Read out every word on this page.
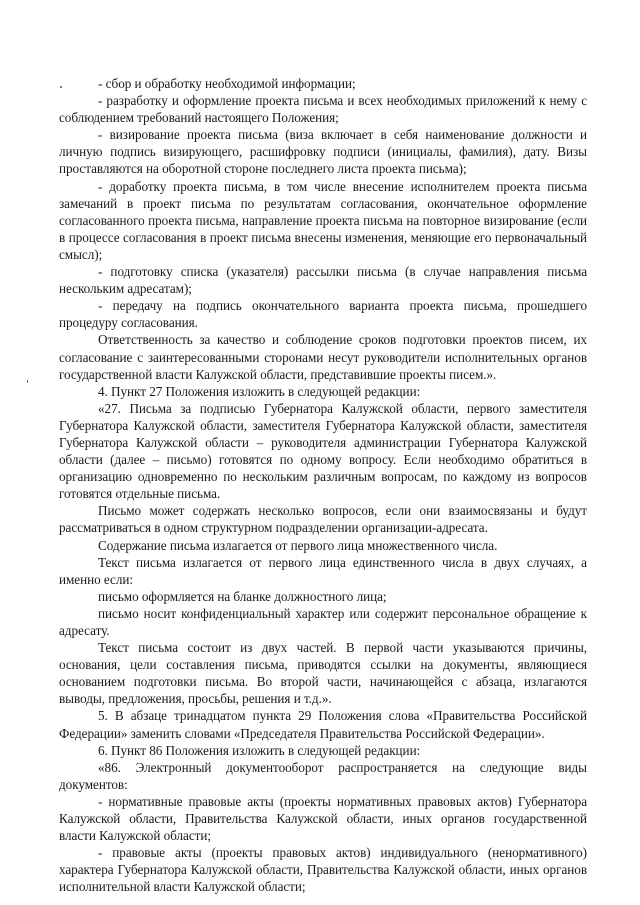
- сбор и обработку необходимой информации;

- разработку и оформление проекта письма и всех необходимых приложений к нему с соблюдением требований настоящего Положения;

- визирование проекта письма (виза включает в себя наименование должности и личную подпись визирующего, расшифровку подписи (инициалы, фамилия), дату. Визы проставляются на оборотной стороне последнего листа проекта письма);

- доработку проекта письма, в том числе внесение исполнителем проекта письма замечаний в проект письма по результатам согласования, окончательное оформление согласованного проекта письма, направление проекта письма на повторное визирование (если в процессе согласования в проект письма внесены изменения, меняющие его первоначальный смысл);

- подготовку списка (указателя) рассылки письма (в случае направления письма нескольким адресатам);

- передачу на подпись окончательного варианта проекта письма, прошедшего процедуру согласования.

Ответственность за качество и соблюдение сроков подготовки проектов писем, их согласование с заинтересованными сторонами несут руководители исполнительных органов государственной власти Калужской области, представившие проекты писем.».

4. Пункт 27 Положения изложить в следующей редакции:

«27. Письма за подписью Губернатора Калужской области, первого заместителя Губернатора Калужской области, заместителя Губернатора Калужской области, заместителя Губернатора Калужской области – руководителя администрации Губернатора Калужской области (далее – письмо) готовятся по одному вопросу. Если необходимо обратиться в организацию одновременно по нескольким различным вопросам, по каждому из вопросов готовятся отдельные письма.

Письмо может содержать несколько вопросов, если они взаимосвязаны и будут рассматриваться в одном структурном подразделении организации-адресата.

Содержание письма излагается от первого лица множественного числа.

Текст письма излагается от первого лица единственного числа в двух случаях, а именно если:

письмо оформляется на бланке должностного лица;

письмо носит конфиденциальный характер или содержит персональное обращение к адресату.

Текст письма состоит из двух частей. В первой части указываются причины, основания, цели составления письма, приводятся ссылки на документы, являющиеся основанием подготовки письма. Во второй части, начинающейся с абзаца, излагаются выводы, предложения, просьбы, решения и т.д.».

5. В абзаце тринадцатом пункта 29 Положения слова «Правительства Российской Федерации» заменить словами «Председателя Правительства Российской Федерации».

6. Пункт 86 Положения изложить в следующей редакции:

«86. Электронный документооборот распространяется на следующие виды документов:

- нормативные правовые акты (проекты нормативных правовых актов) Губернатора Калужской области, Правительства Калужской области, иных органов государственной власти Калужской области;

- правовые акты (проекты правовых актов) индивидуального (ненормативного) характера Губернатора Калужской области, Правительства Калужской области, иных органов исполнительной власти Калужской области;
